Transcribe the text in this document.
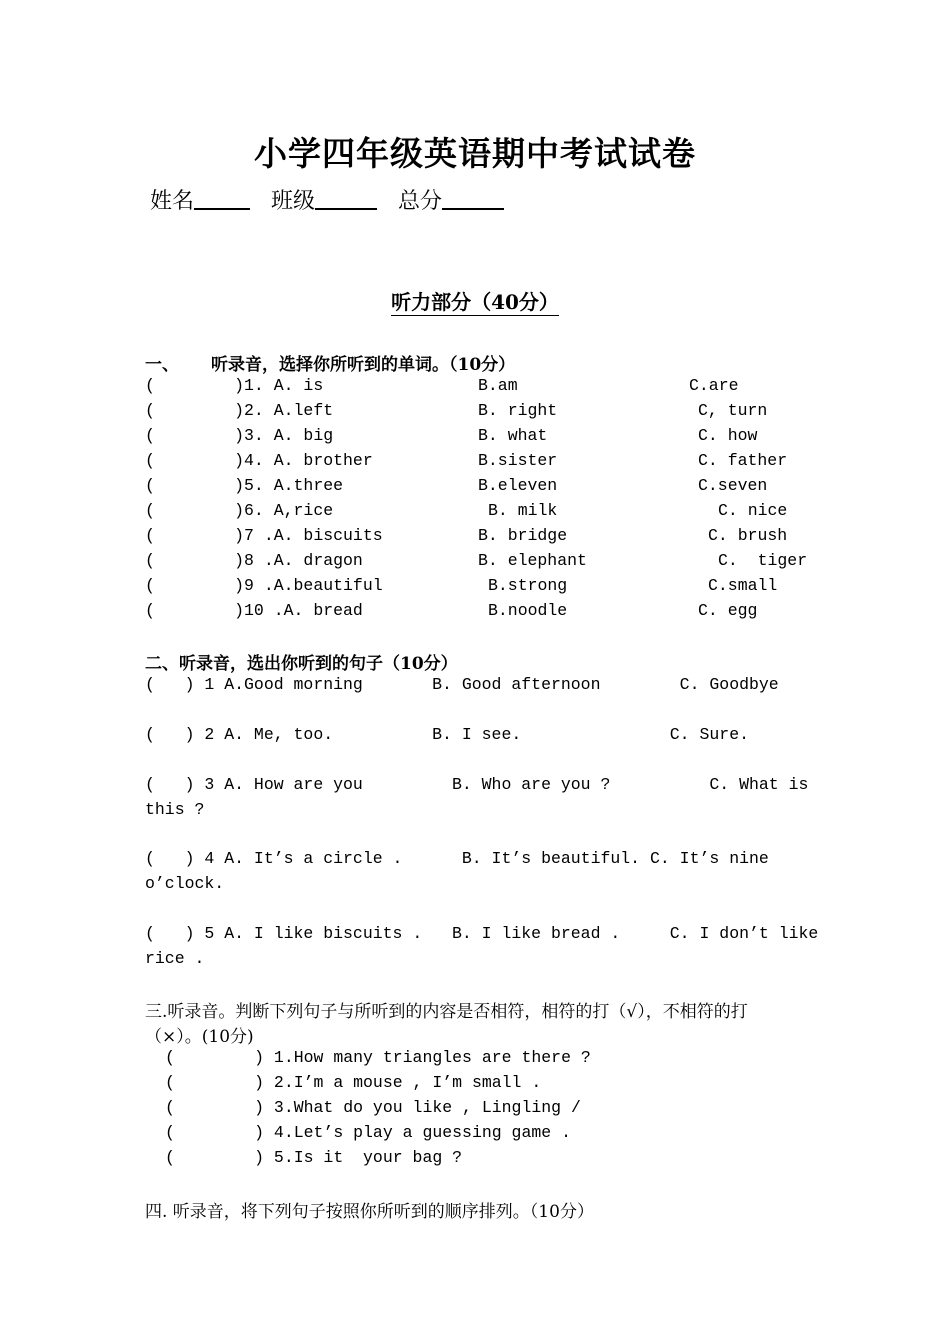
小学四年级英语期中考试试卷
姓名	班级	总分
听力部分（40分）
一、 听录音，选择你所听到的单词。（10分）
(        )1. A. is	B.am	C.are
(        )2. A.left	B. right	C, turn
(        )3. A. big	B. what	C. how
(        )4. A. brother	B.sister	C. father
(        )5. A.three	B.eleven	C.seven
(        )6. A,rice	B. milk	C. nice
(        )7 .A. biscuits	B. bridge	C. brush
(        )8 .A. dragon	B. elephant	C.  tiger
(        )9 .A.beautiful	B.strong	C.small
(        )10 .A. bread	B.noodle	C. egg
二、听录音，选出你听到的句子（10分）
(   ) 1 A.Good morning       B. Good afternoon        C. Goodbye
(   ) 2 A. Me, too.          B. I see.               C. Sure.
(   ) 3 A. How are you         B. Who are you ?          C. What is
this ?
(   ) 4 A. It’s a circle .      B. It’s beautiful. C. It’s nine
o’clock.
(   ) 5 A. I like biscuits .   B. I like bread .     C. I don’t like
rice .
三.听录音。判断下列句子与所听到的内容是否相符，相符的打（√），不相符的打
（×）。(10分)
(        ) 1.How many triangles are there ?
(        ) 2.I’m a mouse , I’m small .
(        ) 3.What do you like , Lingling /
(        ) 4.Let’s play a guessing game .
(        ) 5.Is it  your bag ?
四. 听录音，将下列句子按照你所听到的顺序排列。（10分）
